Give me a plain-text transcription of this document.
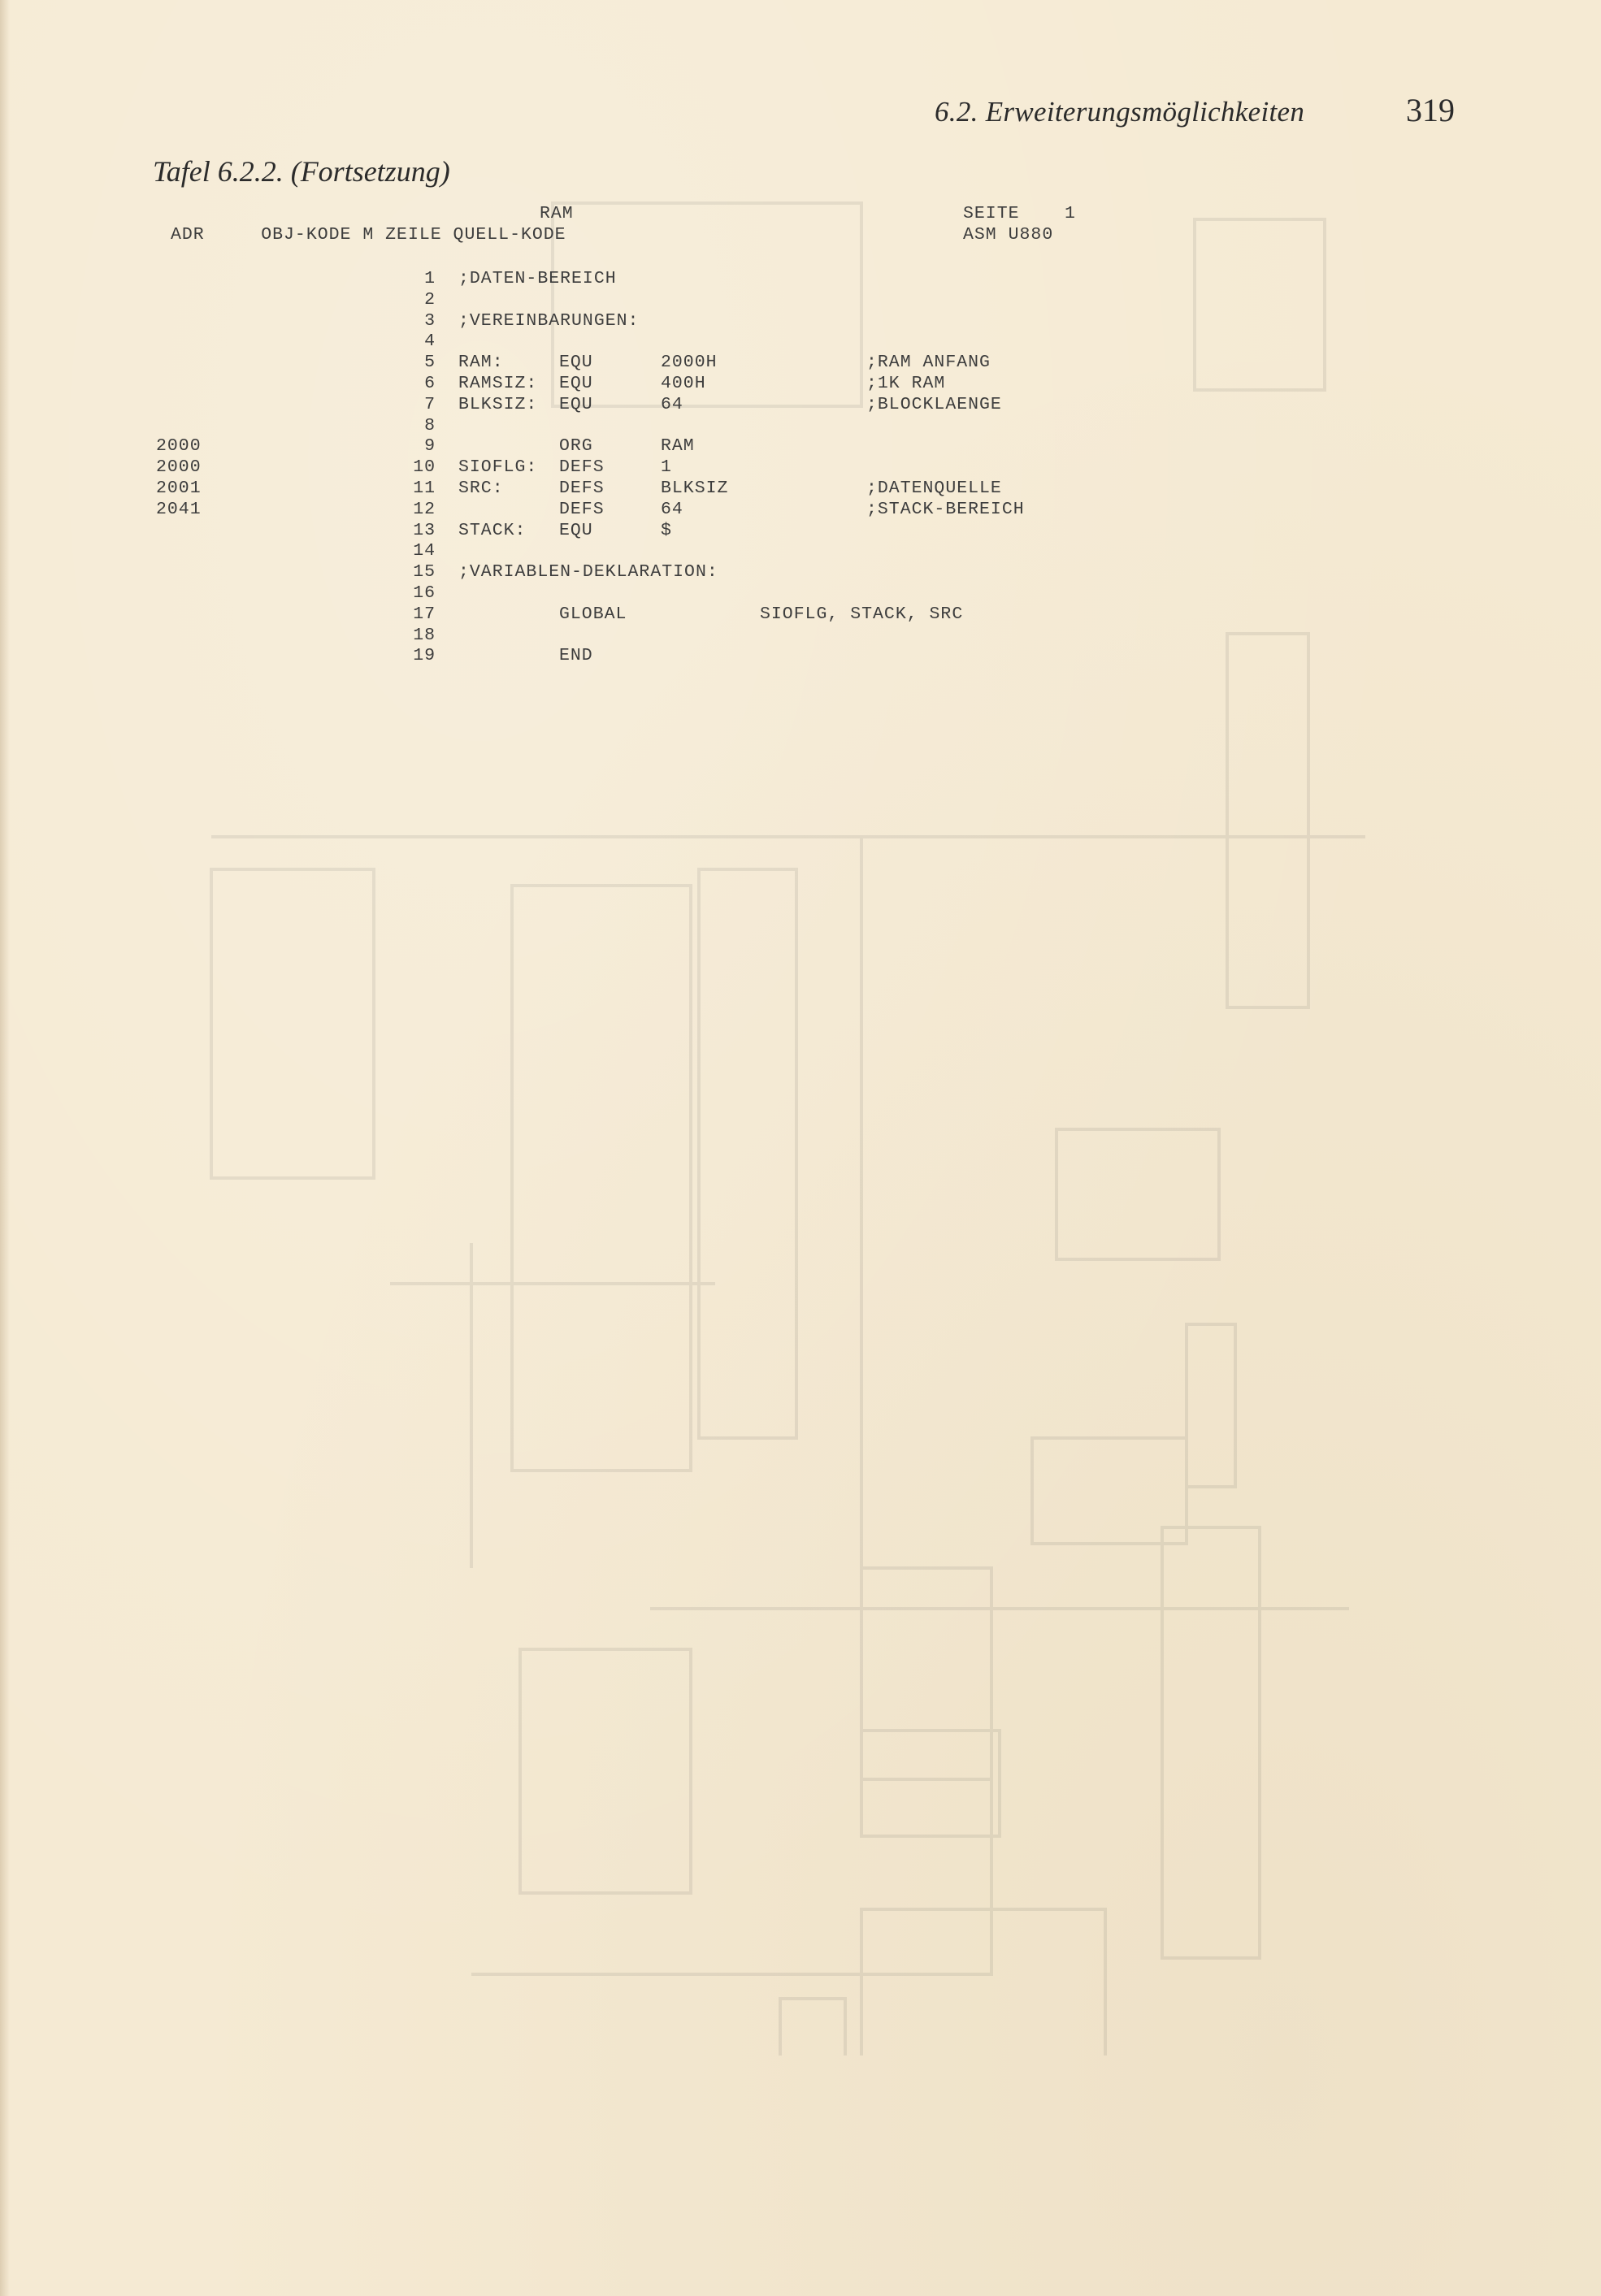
6.2. Erweiterungsmöglichkeiten	319
Tafel 6.2.2. (Fortsetzung)
RAM
ADR     OBJ-KODE M ZEILE QUELL-KODE
SEITE	1
ASM U880
1 ;DATEN-BEREICH
2
3 ;VEREINBARUNGEN:
4
5 RAM:	EQU	2000H	;RAM ANFANG
6 RAMSIZ: EQU	400H	;1K RAM
7 BLKSIZ: EQU	64	;BLOCKLAENGE
8
2000	9	ORG	RAM
2000	10 SIOFLG: DEFS	1
2001	11 SRC:	DEFS	BLKSIZ	;DATENQUELLE
2041	12	DEFS	64	;STACK-BEREICH
13 STACK: EQU	$
14
15 ;VARIABLEN-DEKLARATION:
16
17	GLOBAL	SIOFLG, STACK, SRC
18
19	END
